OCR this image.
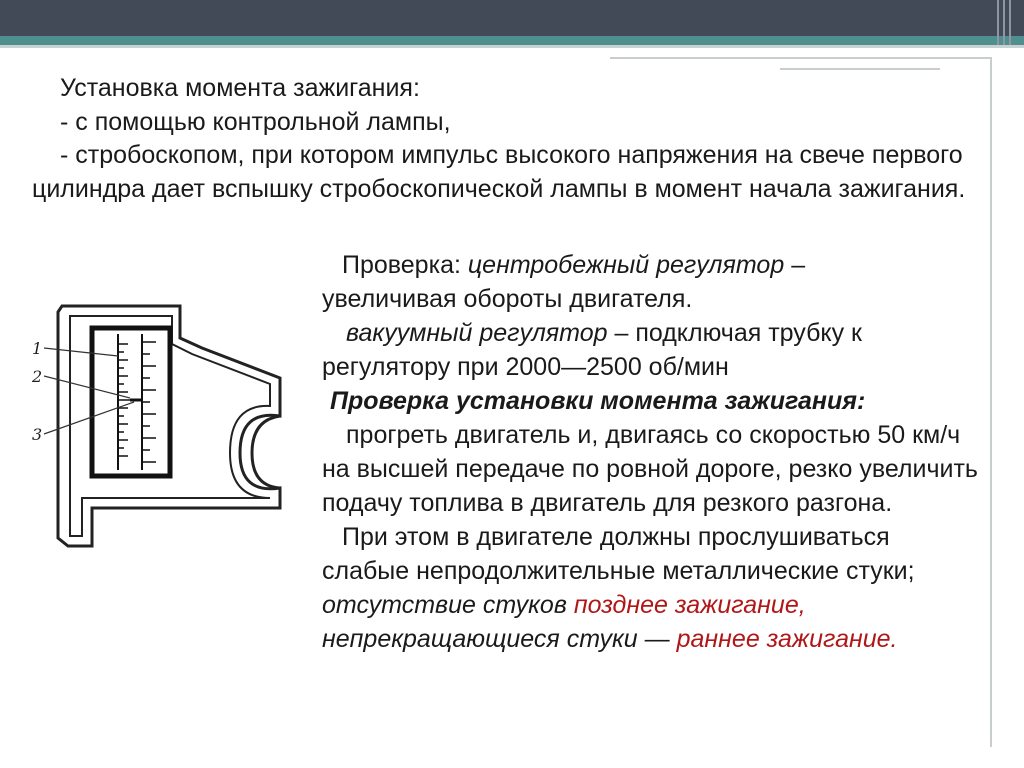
Установка момента зажигания:

- с помощью контрольной лампы,

- стробоскопом, при котором импульс высокого напряжения на свече первого цилиндра дает вспышку стробоскопической лампы в момент начала зажигания.

Проверка: центробежный регулятор –

увеличивая обороты двигателя.

вакуумный регулятор – подключая трубку к

регулятору при 2000—2500 об/мин

Проверка установки момента зажигания:

прогреть двигатель и, двигаясь со скоростью 50 км/ч на высшей передаче по ровной дороге, резко увеличить подачу топлива в двигатель для резкого разгона.

При этом в двигателе должны прослушиваться слабые непродолжительные металлические стуки; отсутствие стуков позднее зажигание, непрекращающиеся стуки — раннее зажигание.

1
2
3
